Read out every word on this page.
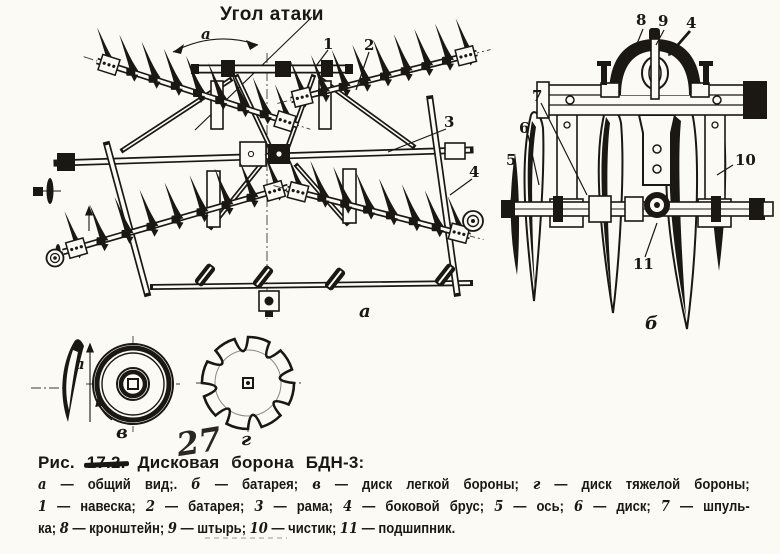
Угол атаки
a
1 2
3
4
а
8 9 4
7
6
5	10
11
б
a
в	г
27
Рис.	Дисковая борона БДН-3:
а — общий вид;. б — батарея; в — диск легкой бороны; г — диск тяжелой бороны;
1 — навеска; 2 — батарея; 3 — рама; 4 — боковой брус; 5 — ось; 6 — диск; 7 — шпуль-
ка; 8 — кронштейн; 9 — штырь; 10 — чистик; 11 — подшипник.
